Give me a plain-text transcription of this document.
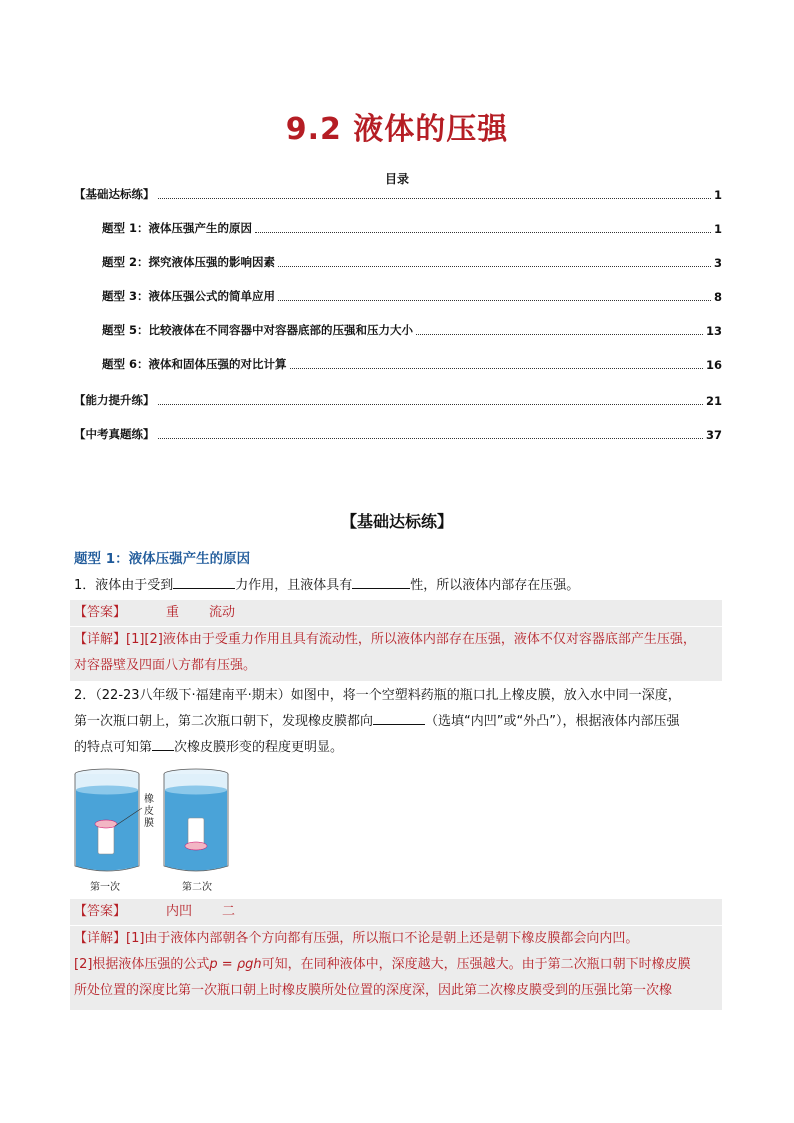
9.2 液体的压强
目录
【基础达标练】	1
题型 1：液体压强产生的原因	1
题型 2：探究液体压强的影响因素	3
题型 3：液体压强公式的简单应用	8
题型 5：比较液体在不同容器中对容器底部的压强和压力大小	13
题型 6：液体和固体压强的对比计算	16
【能力提升练】	21
【中考真题练】	37
【基础达标练】
题型 1：液体压强产生的原因
1．液体由于受到	力作用，且液体具有	性，所以液体内部存在压强。
【答案】	重 流动
【详解】[1][2]液体由于受重力作用且具有流动性，所以液体内部存在压强，液体不仅对容器底部产生压强，
对容器壁及四面八方都有压强。
2．（22-23八年级下·福建南平·期末）如图中，将一个空塑料药瓶的瓶口扎上橡皮膜，放入水中同一深度，
第一次瓶口朝上，第二次瓶口朝下，发现橡皮膜都向	（选填“内凹”或“外凸”），根据液体内部压强
的特点可知第 次橡皮膜形变的程度更明显。
橡
皮
膜
第一次	第二次
【答案】	内凹 二
【详解】[1]由于液体内部朝各个方向都有压强，所以瓶口不论是朝上还是朝下橡皮膜都会向内凹。
[2]根据液体压强的公式p = ρgh可知，在同种液体中，深度越大，压强越大。由于第二次瓶口朝下时橡皮膜
所处位置的深度比第一次瓶口朝上时橡皮膜所处位置的深度深，因此第二次橡皮膜受到的压强比第一次橡
